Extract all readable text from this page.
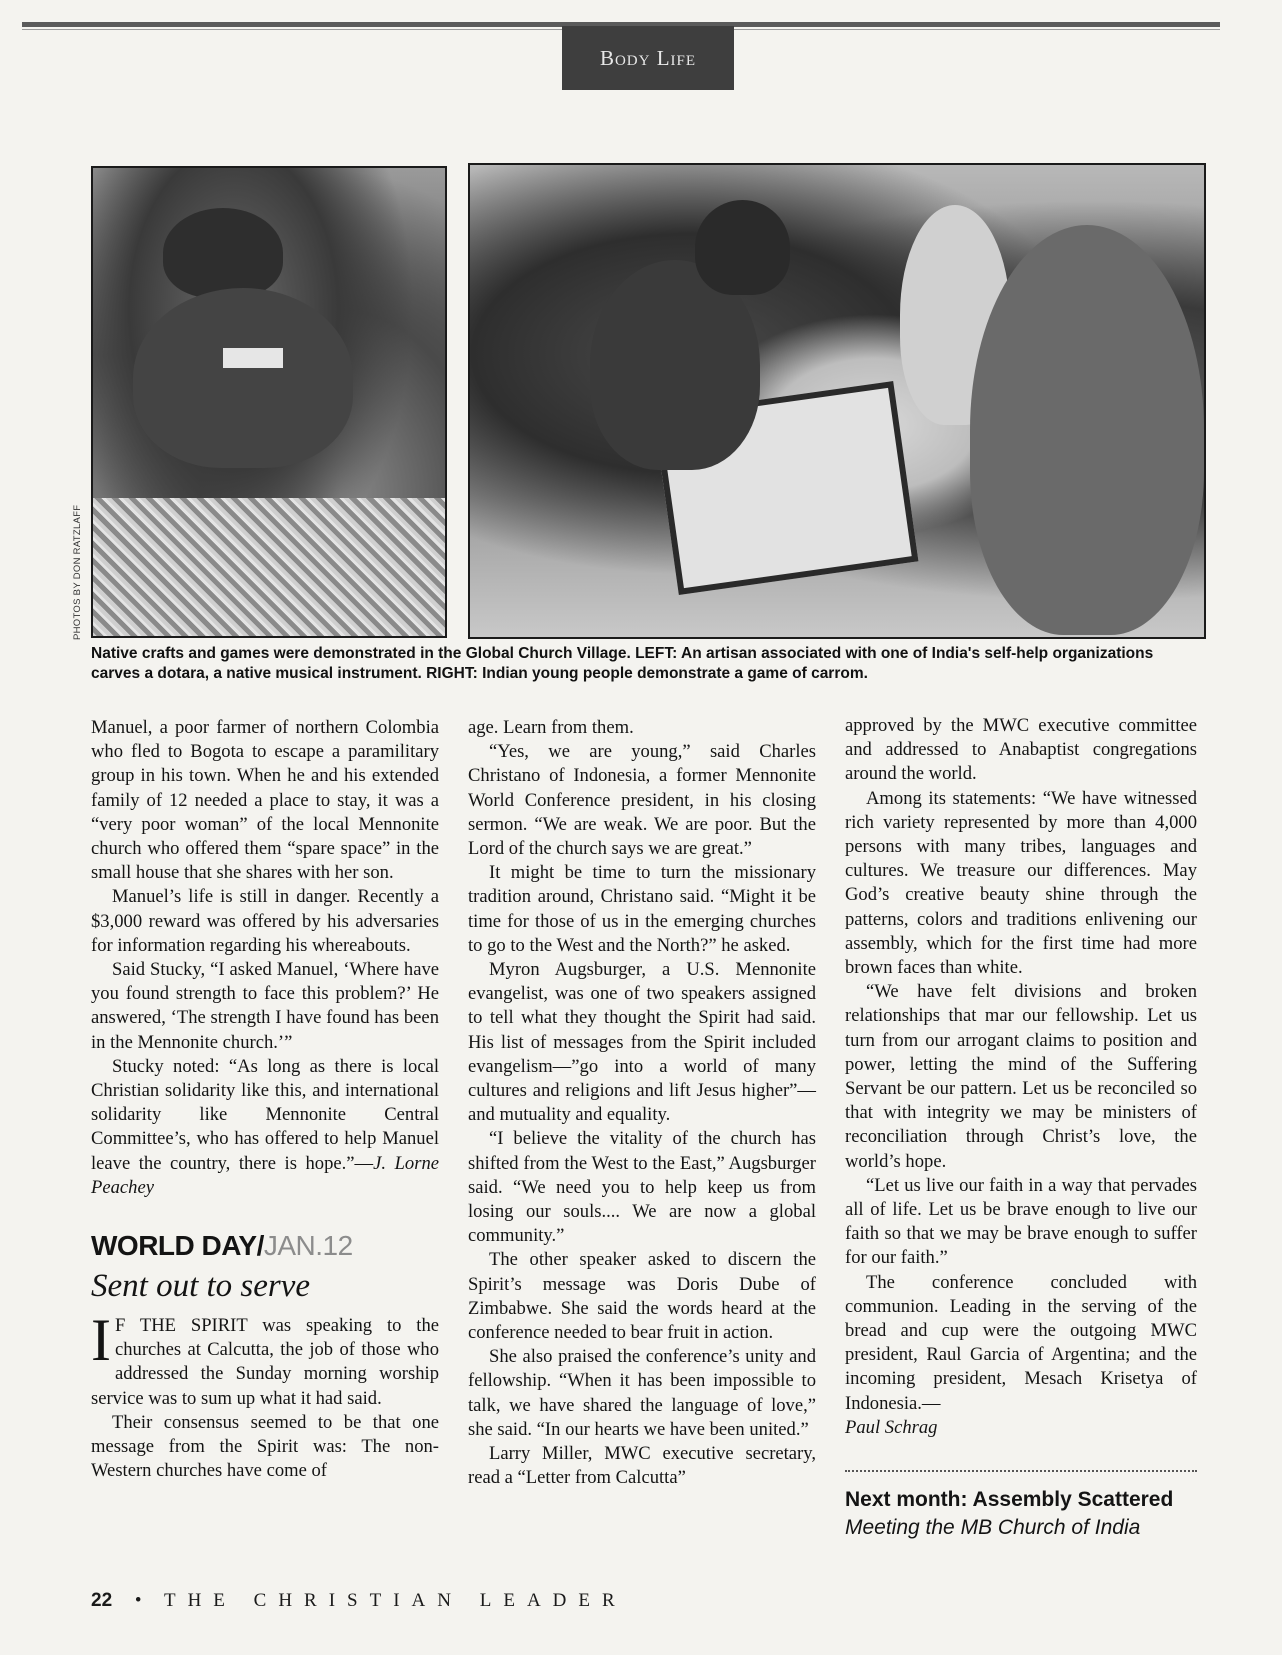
Body Life
PHOTOS BY DON RATZLAFF
Native crafts and games were demonstrated in the Global Church Village. LEFT: An artisan associated with one of India's self-help organizations carves a dotara, a native musical instrument. RIGHT: Indian young people demonstrate a game of carrom.

Manuel, a poor farmer of northern Colombia who fled to Bogota to escape a paramilitary group in his town. When he and his extended family of 12 needed a place to stay, it was a “very poor woman” of the local Mennonite church who offered them “spare space” in the small house that she shares with her son.

Manuel’s life is still in danger. Recently a $3,000 reward was offered by his adversaries for information regarding his whereabouts.

Said Stucky, “I asked Manuel, ‘Where have you found strength to face this problem?’ He answered, ‘The strength I have found has been in the Mennonite church.’”

Stucky noted: “As long as there is local Christian solidarity like this, and international solidarity like Mennonite Central Committee’s, who has offered to help Manuel leave the country, there is hope.”—J. Lorne Peachey

WORLD DAY/JAN.12
Sent out to serve

I F THE SPIRIT was speaking to the churches at Calcutta, the job of those who addressed the Sunday morning worship service was to sum up what it had said.

Their consensus seemed to be that one message from the Spirit was: The non-Western churches have come of

age. Learn from them.

“Yes, we are young,” said Charles Christano of Indonesia, a former Mennonite World Conference president, in his closing sermon. “We are weak. We are poor. But the Lord of the church says we are great.”

It might be time to turn the missionary tradition around, Christano said. “Might it be time for those of us in the emerging churches to go to the West and the North?” he asked.

Myron Augsburger, a U.S. Mennonite evangelist, was one of two speakers assigned to tell what they thought the Spirit had said. His list of messages from the Spirit included evangelism—”go into a world of many cultures and religions and lift Jesus higher”—and mutuality and equality.

“I believe the vitality of the church has shifted from the West to the East,” Augsburger said. “We need you to help keep us from losing our souls.... We are now a global community.”

The other speaker asked to discern the Spirit’s message was Doris Dube of Zimbabwe. She said the words heard at the conference needed to bear fruit in action.

She also praised the conference’s unity and fellowship. “When it has been impossible to talk, we have shared the language of love,” she said. “In our hearts we have been united.”

Larry Miller, MWC executive secretary, read a “Letter from Calcutta”

approved by the MWC executive committee and addressed to Anabaptist congregations around the world.

Among its statements: “We have witnessed rich variety represented by more than 4,000 persons with many tribes, languages and cultures. We treasure our differences. May God’s creative beauty shine through the patterns, colors and traditions enlivening our assembly, which for the first time had more brown faces than white.

“We have felt divisions and broken relationships that mar our fellowship. Let us turn from our arrogant claims to position and power, letting the mind of the Suffering Servant be our pattern. Let us be reconciled so that with integrity we may be ministers of reconciliation through Christ’s love, the world’s hope.

“Let us live our faith in a way that pervades all of life. Let us be brave enough to live our faith so that we may be brave enough to suffer for our faith.”

The conference concluded with communion. Leading in the serving of the bread and cup were the outgoing MWC president, Raul Garcia of Argentina; and the incoming president, Mesach Krisetya of Indonesia.—
Paul Schrag

Next month: Assembly Scattered
Meeting the MB Church of India
22 • THE CHRISTIAN LEADER
